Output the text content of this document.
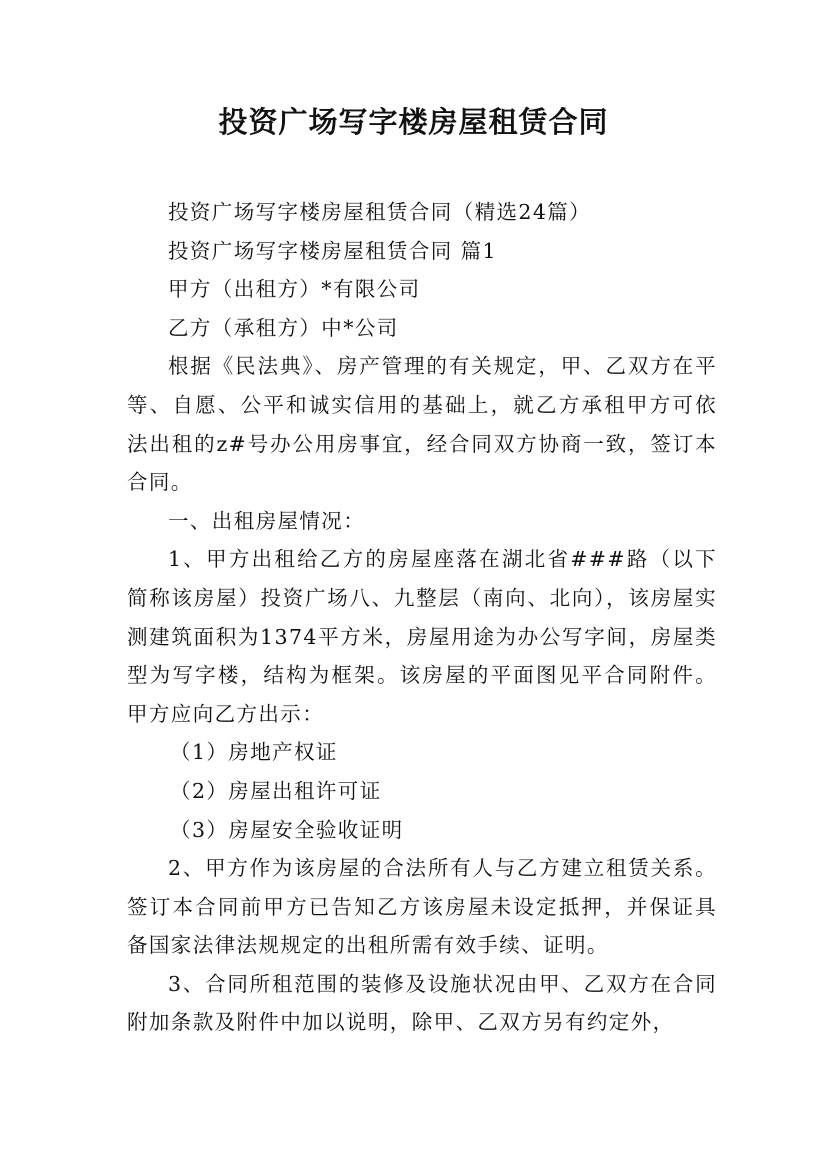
投资广场写字楼房屋租赁合同

投资广场写字楼房屋租赁合同（精选24篇）

投资广场写字楼房屋租赁合同 篇1

甲方（出租方）*有限公司

乙方（承租方）中*公司

根据《民法典》、房产管理的有关规定，甲、乙双方在平等、自愿、公平和诚实信用的基础上，就乙方承租甲方可依法出租的z#号办公用房事宜，经合同双方协商一致，签订本合同。

一、出租房屋情况：

1、甲方出租给乙方的房屋座落在湖北省###路（以下简称该房屋）投资广场八、九整层（南向、北向），该房屋实测建筑面积为1374平方米，房屋用途为办公写字间，房屋类型为写字楼，结构为框架。该房屋的平面图见平合同附件。甲方应向乙方出示：

（1）房地产权证

（2）房屋出租许可证

（3）房屋安全验收证明

2、甲方作为该房屋的合法所有人与乙方建立租赁关系。签订本合同前甲方已告知乙方该房屋未设定抵押，并保证具备国家法律法规规定的出租所需有效手续、证明。

3、合同所租范围的装修及设施状况由甲、乙双方在合同附加条款及附件中加以说明，除甲、乙双方另有约定外，
